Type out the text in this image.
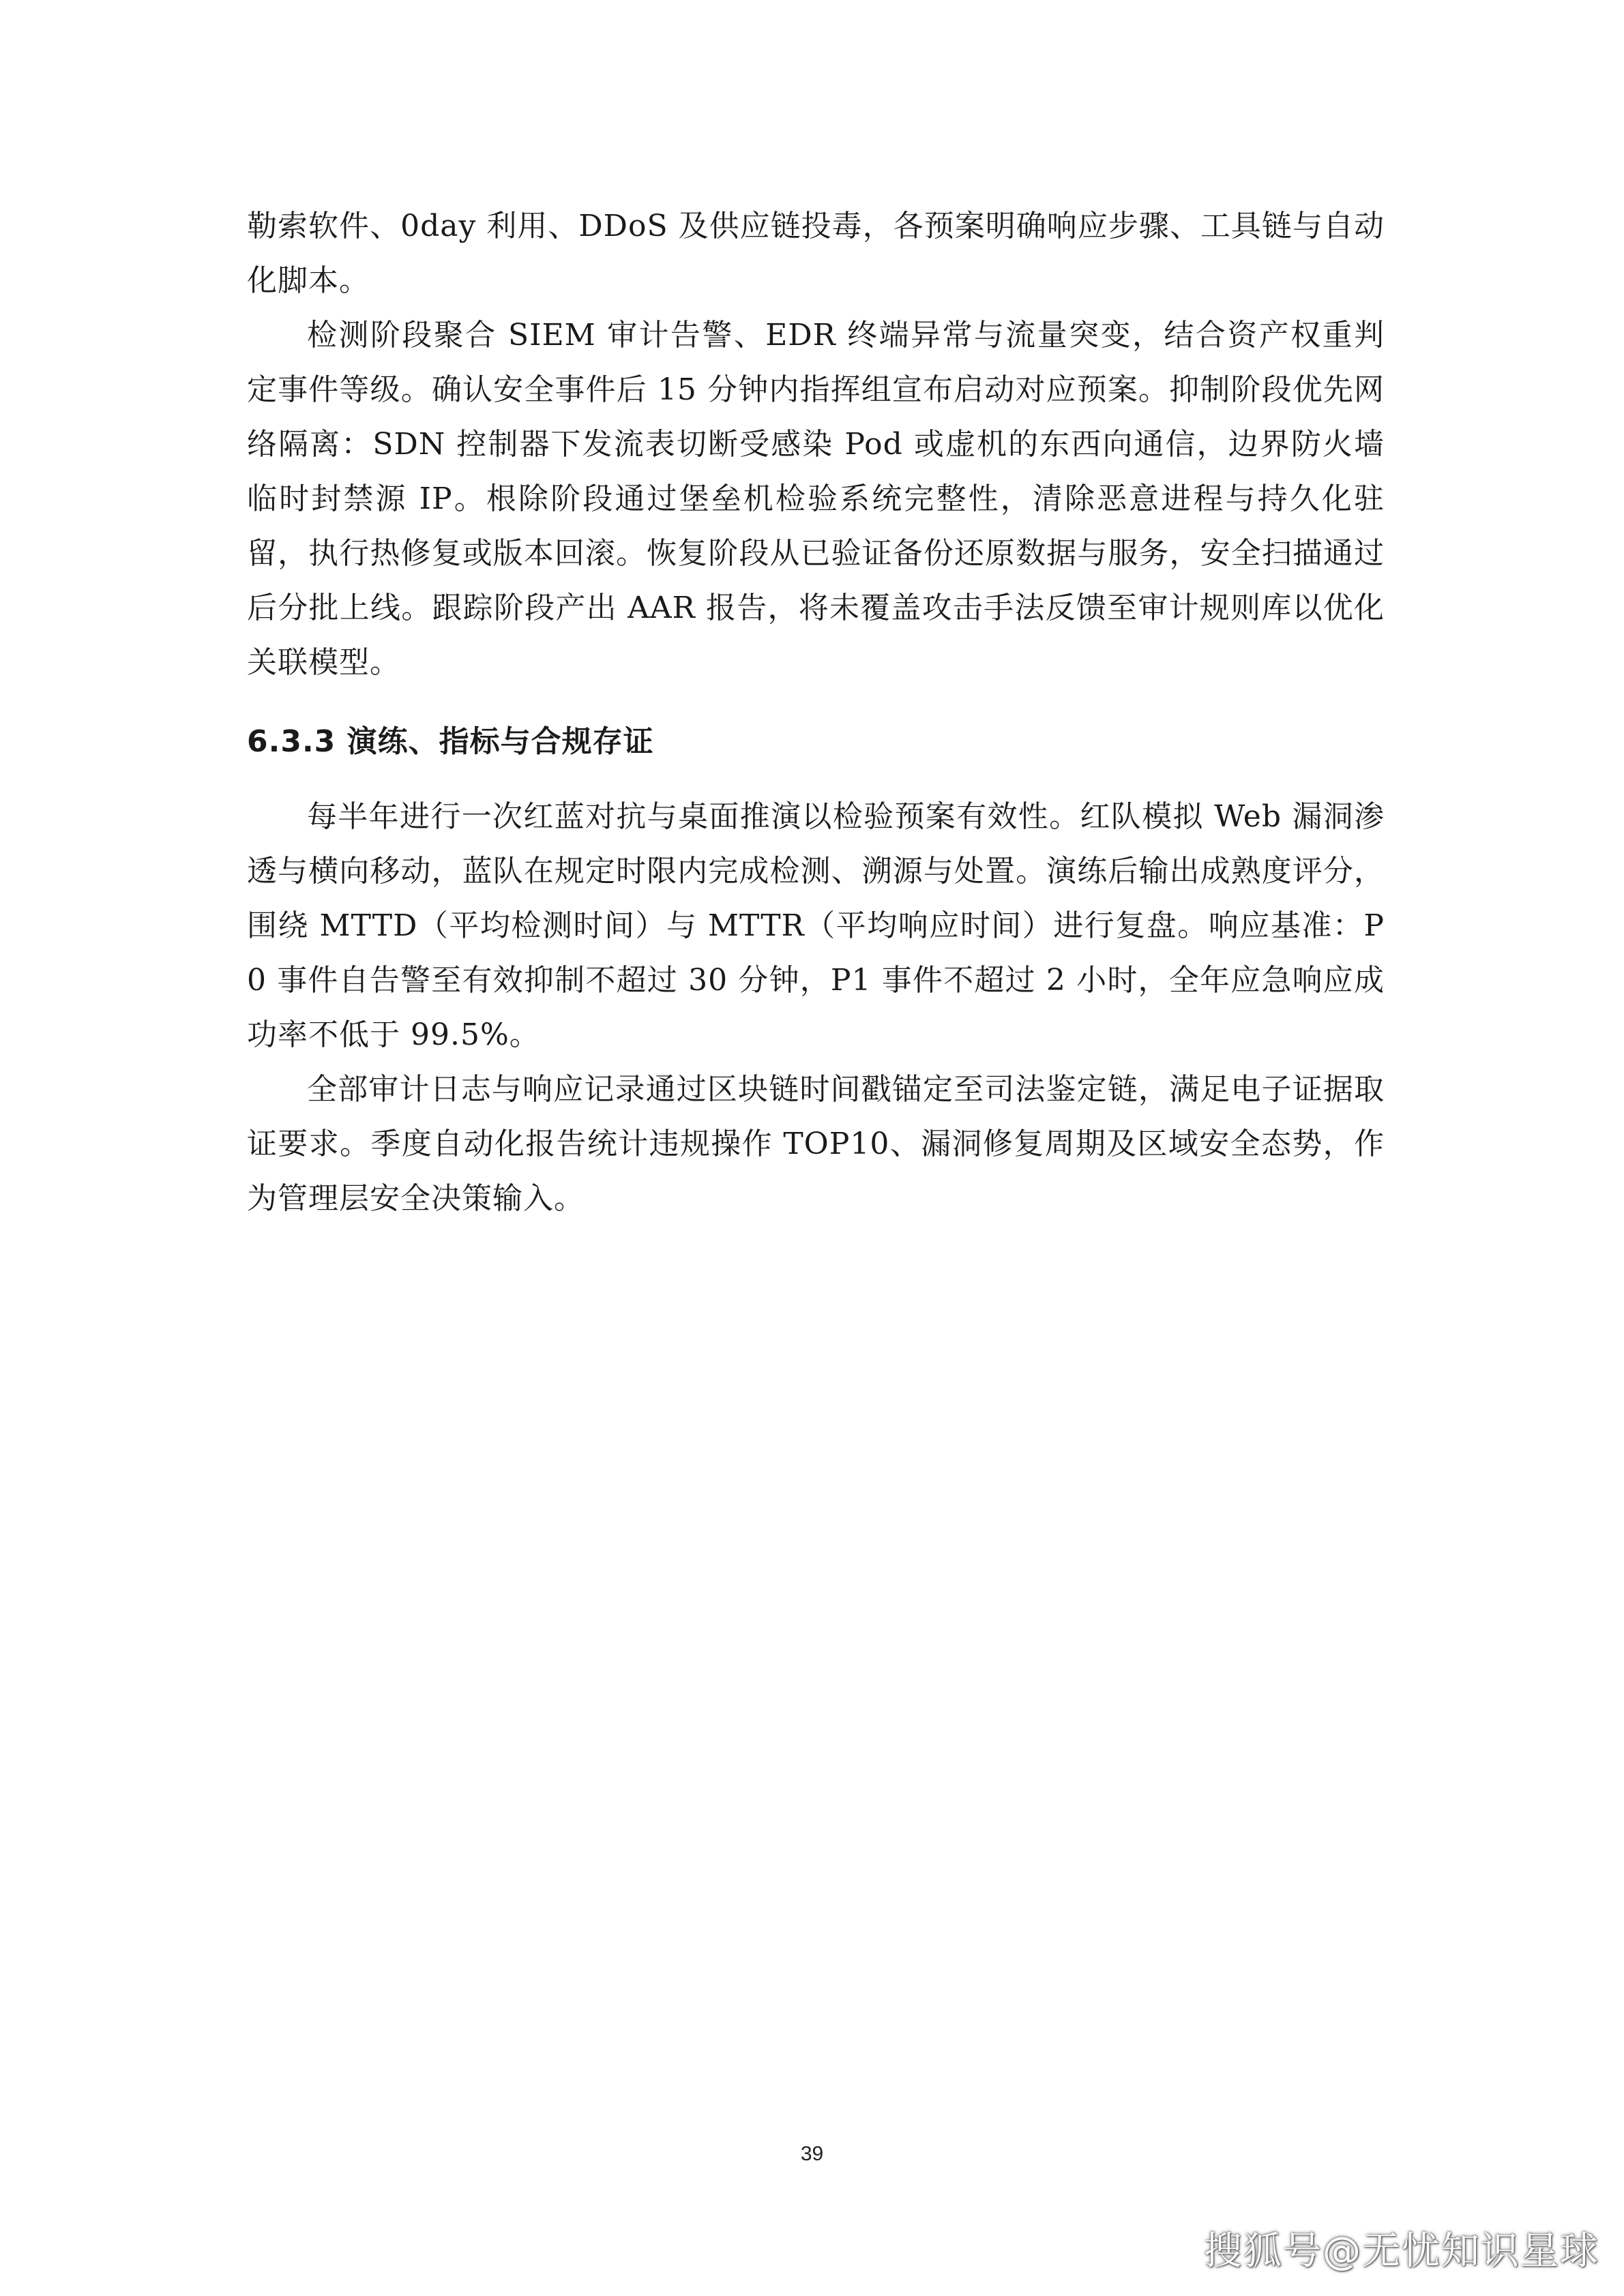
勒索软件、0day 利用、DDoS 及供应链投毒，各预案明确响应步骤、工具链与自动化脚本。

检测阶段聚合 SIEM 审计告警、EDR 终端异常与流量突变，结合资产权重判定事件等级。确认安全事件后 15 分钟内指挥组宣布启动对应预案。抑制阶段优先网络隔离：SDN 控制器下发流表切断受感染 Pod 或虚机的东西向通信，边界防火墙临时封禁源 IP。根除阶段通过堡垒机检验系统完整性，清除恶意进程与持久化驻留，执行热修复或版本回滚。恢复阶段从已验证备份还原数据与服务，安全扫描通过后分批上线。跟踪阶段产出 AAR 报告，将未覆盖攻击手法反馈至审计规则库以优化关联模型。

6.3.3 演练、指标与合规存证

每半年进行一次红蓝对抗与桌面推演以检验预案有效性。红队模拟 Web 漏洞渗透与横向移动，蓝队在规定时限内完成检测、溯源与处置。演练后输出成熟度评分，围绕 MTTD（平均检测时间）与 MTTR（平均响应时间）进行复盘。响应基准：P0 事件自告警至有效抑制不超过 30 分钟，P1 事件不超过 2 小时，全年应急响应成功率不低于 99.5%。

全部审计日志与响应记录通过区块链时间戳锚定至司法鉴定链，满足电子证据取证要求。季度自动化报告统计违规操作 TOP10、漏洞修复周期及区域安全态势，作为管理层安全决策输入。

39
搜狐号@无忧知识星球
